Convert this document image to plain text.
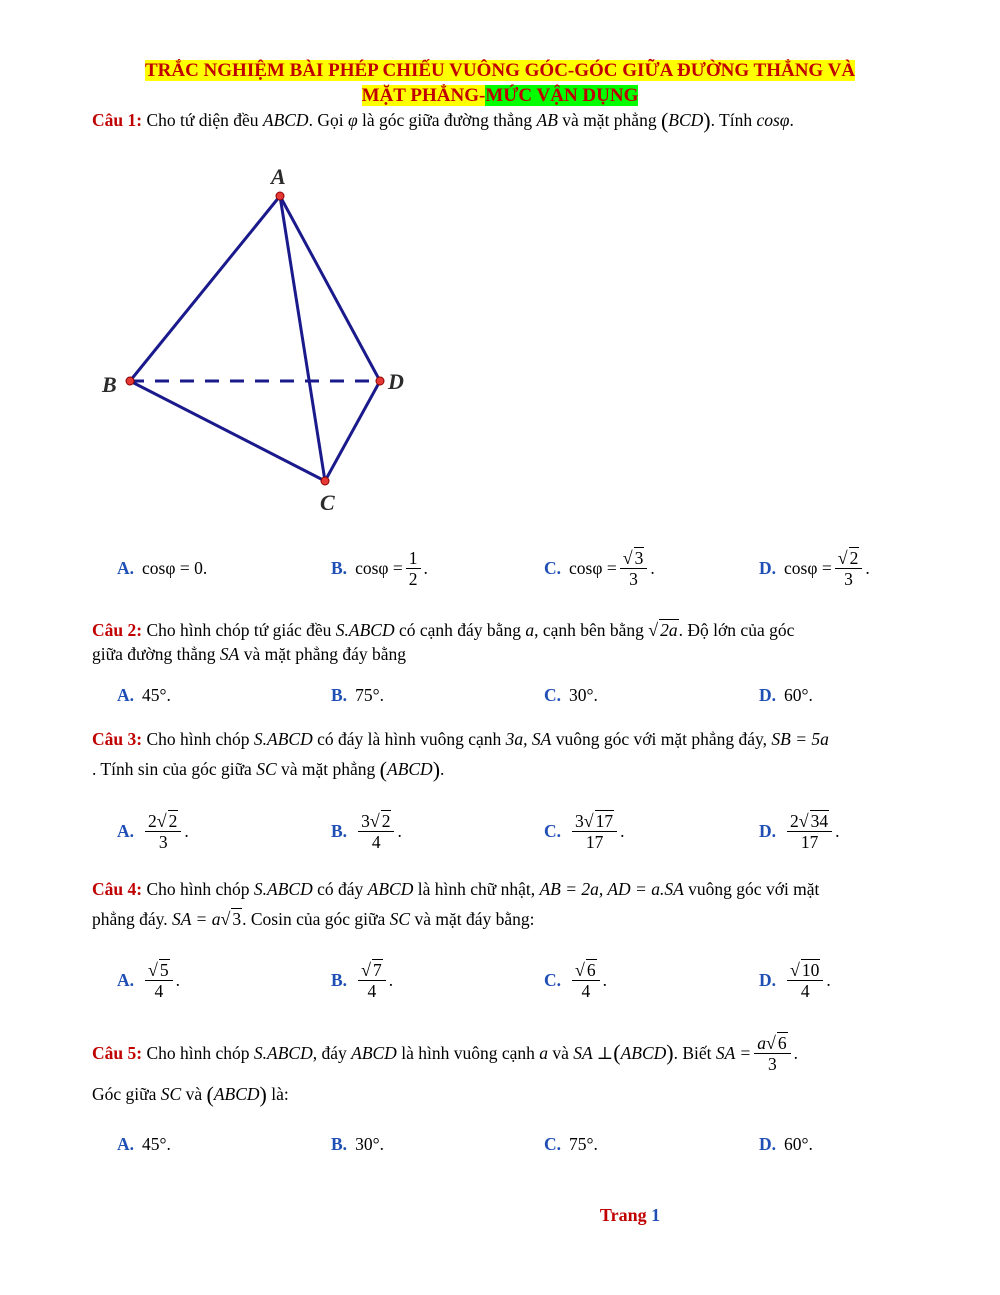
TRẮC NGHIỆM BÀI PHÉP CHIẾU VUÔNG GÓC-GÓC GIỮA ĐƯỜNG THẲNG VÀ
MẶT PHẲNG-MỨC VẬN DỤNG
Câu 1: Cho tứ diện đều ABCD. Gọi φ là góc giữa đường thẳng AB và mặt phẳng (BCD). Tính cosφ.
A
B	D
C
A. cosφ = 0 .	B. $\cos\varphi = \frac{1}{2}$ .	C. $\cos\varphi = \frac{√ 3}{3}$ .	D. $\cos\varphi = \frac{√ 2}{3}$ .
Câu 2: Cho hình chóp tứ giác đều S.ABCD có cạnh đáy bằng a, cạnh bên bằng √ 2a. Độ lớn của góc
giữa đường thẳng SA và mặt phẳng đáy bằng
A. 45° .	B. 75° .	C. 30° .	D. 60° .
Câu 3: Cho hình chóp S.ABCD có đáy là hình vuông cạnh 3a, SA vuông góc với mặt phẳng đáy, SB = 5a
. Tính sin của góc giữa SC và mặt phẳng (ABCD).
A. $\frac{2√ 2}{3}$ .	B. $\frac{3√ 2}{4}$ .	C. $\frac{3√ 17}{17}$ .	D. $\frac{2√ 34}{17}$ .
Câu 4: Cho hình chóp S.ABCD có đáy ABCD là hình chữ nhật, AB = 2a, AD = a.SA vuông góc với mặt
phẳng đáy. SA = a√ 3. Cosin của góc giữa SC và mặt đáy bằng:
A. $\frac{√ 5}{4}$ .	B. $\frac{√ 7}{4}$ .	C. $\frac{√ 6}{4}$ .	D. $\frac{√ 10}{4}$ .
Câu 5:
Cho hình chóp
S.ABCD , đáy
ABCD
là hình vuông cạnh
a
và
SA ⊥ ( ABCD ) . Biết
SA = $\frac{a√ 6}{3}$ .
Góc giữa SC và (ABCD) là:
A. 45° .	B. 30° .	C. 75° .	D. 60° .
Trang 1
